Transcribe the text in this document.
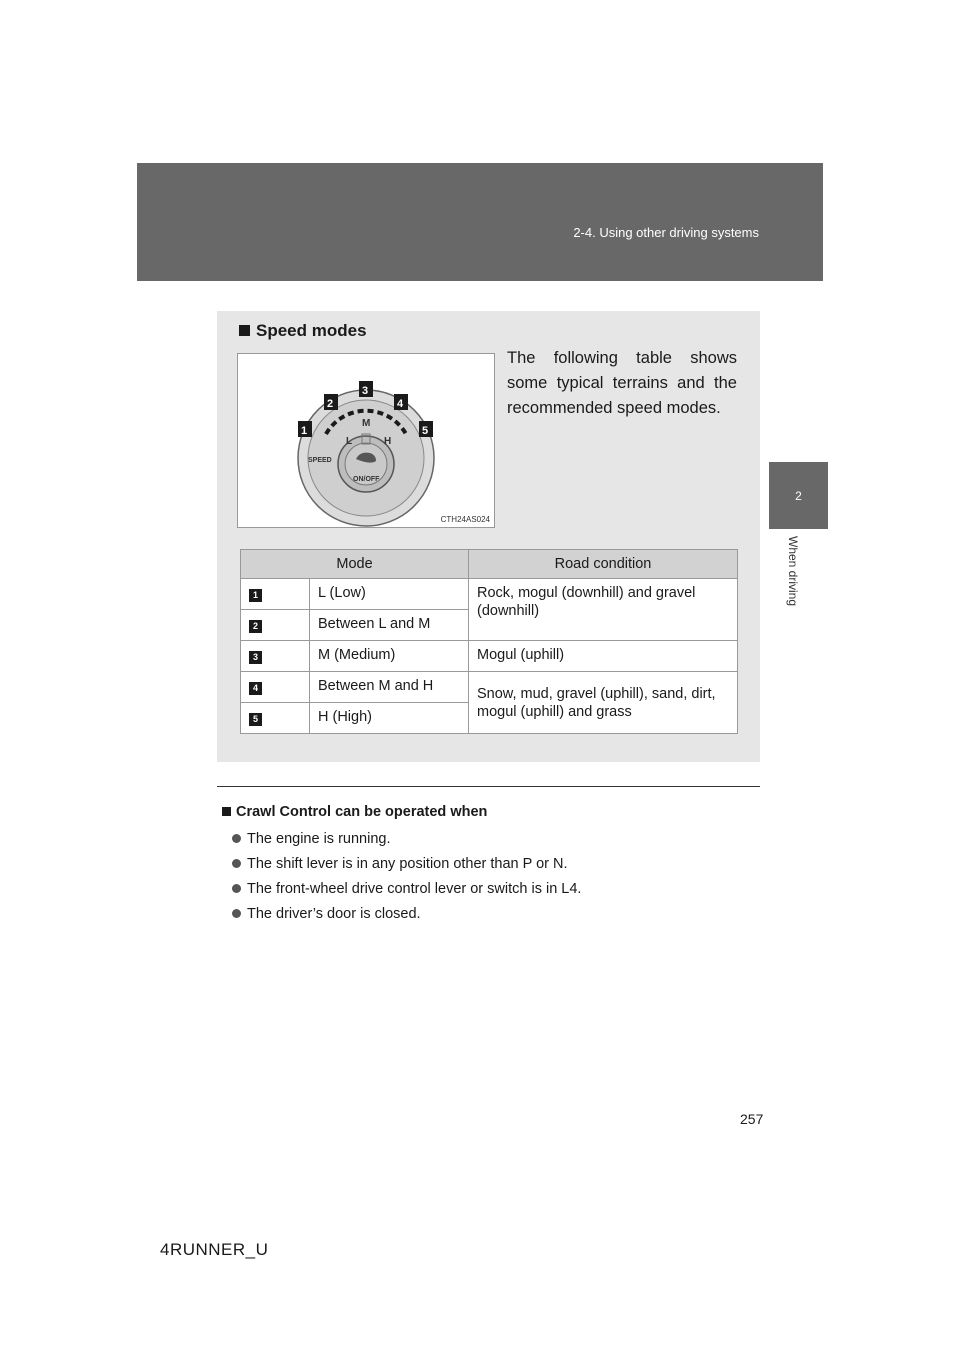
2-4. Using other driving systems
2
When driving
Speed modes
The following table shows some typical terrains and the recommended speed modes.
L
M
H
SPEED
ON/OFF
1
2
3
4
5
CTH24AS024
Mode		Road condition
1	L (Low)	Rock, mogul (downhill) and gravel (downhill)
2	Between L and M	
3	M (Medium)	Mogul (uphill)
4	Between M and H	Snow, mud, gravel (uphill), sand, dirt, mogul (uphill) and grass
5	H (High)	
Crawl Control can be operated when
The engine is running.
The shift lever is in any position other than P or N.
The front-wheel drive control lever or switch is in L4.
The driver’s door is closed.
257
4RUNNER_U
